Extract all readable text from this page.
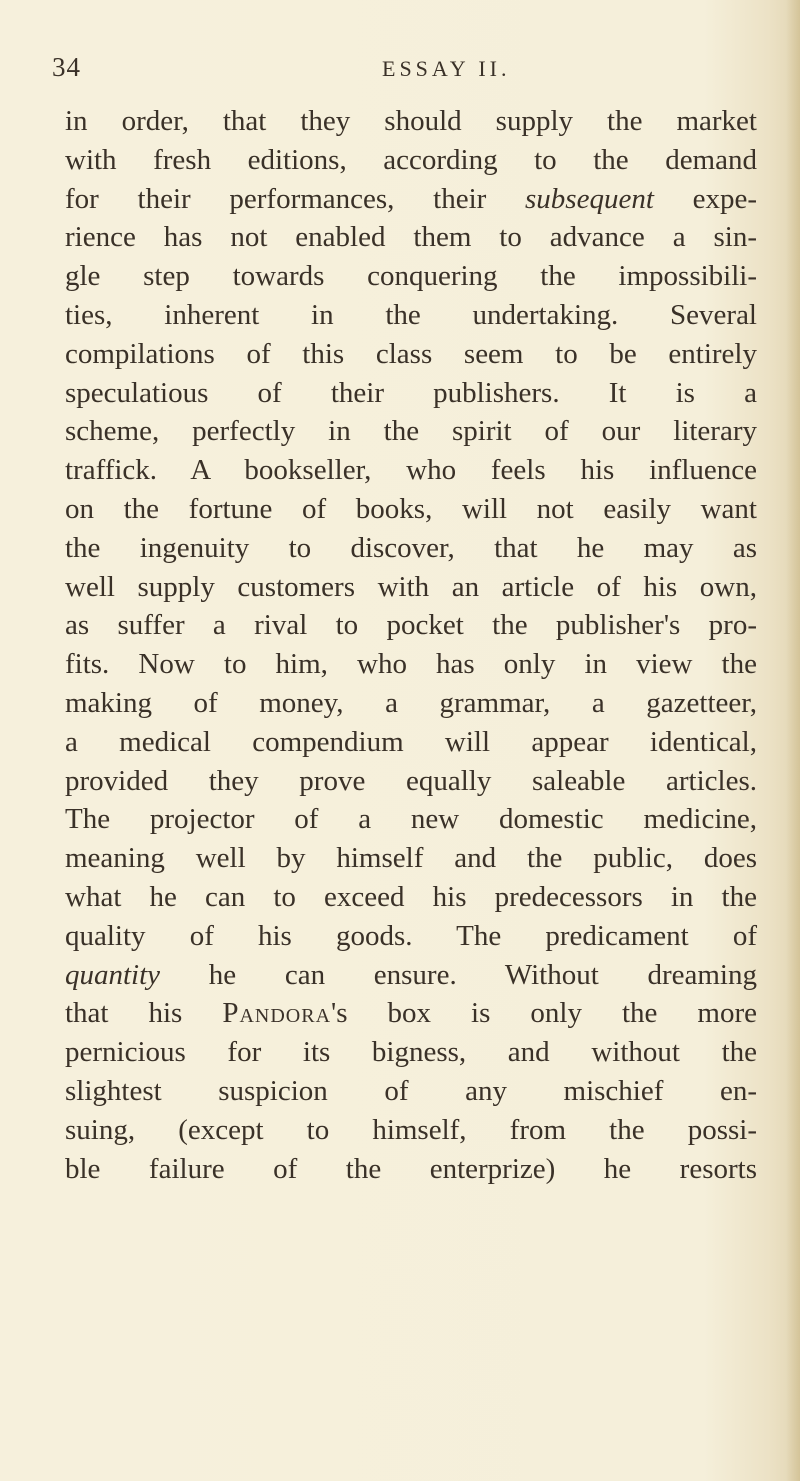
34	ESSAY II.
in order, that they should supply the market
with fresh editions, according to the demand
for their performances, their subsequent expe-
rience has not enabled them to advance a sin-
gle step towards conquering the impossibili-
ties, inherent in the undertaking. Several
compilations of this class seem to be entirely
speculatious of their publishers. It is a
scheme, perfectly in the spirit of our literary
traffick. A bookseller, who feels his influence
on the fortune of books, will not easily want
the ingenuity to discover, that he may as
well supply customers with an article of his own,
as suffer a rival to pocket the publisher's pro-
fits. Now to him, who has only in view the
making of money, a grammar, a gazetteer,
a medical compendium will appear identical,
provided they prove equally saleable articles.
The projector of a new domestic medicine,
meaning well by himself and the public, does
what he can to exceed his predecessors in the
quality of his goods. The predicament of
quantity he can ensure. Without dreaming
that his Pandora's box is only the more
pernicious for its bigness, and without the
slightest suspicion of any mischief en-
suing, (except to himself, from the possi-
ble failure of the enterprize) he resorts
